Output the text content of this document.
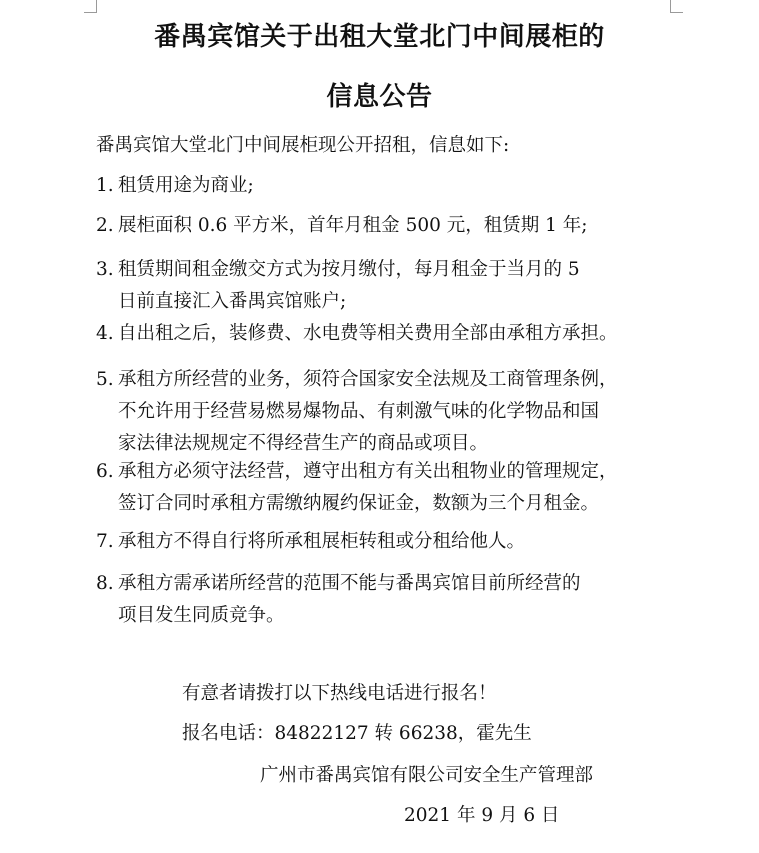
番禺宾馆关于出租大堂北门中间展柜的
信息公告

番禺宾馆大堂北门中间展柜现公开招租，信息如下:

1. 租赁用途为商业;
2. 展柜面积 0.6 平方米，首年月租金 500 元，租赁期 1 年;
3. 租赁期间租金缴交方式为按月缴付，每月租金于当月的 5
日前直接汇入番禺宾馆账户;
4. 自出租之后，装修费、水电费等相关费用全部由承租方承担。
5. 承租方所经营的业务，须符合国家安全法规及工商管理条例，
不允许用于经营易燃易爆物品、有刺激气味的化学物品和国
家法律法规规定不得经营生产的商品或项目。
6. 承租方必须守法经营，遵守出租方有关出租物业的管理规定，
签订合同时承租方需缴纳履约保证金，数额为三个月租金。
7. 承租方不得自行将所承租展柜转租或分租给他人。
8. 承租方需承诺所经营的范围不能与番禺宾馆目前所经营的
项目发生同质竞争。

有意者请拨打以下热线电话进行报名！

报名电话：84822127 转 66238，霍先生

广州市番禺宾馆有限公司安全生产管理部

2021 年 9 月 6 日
